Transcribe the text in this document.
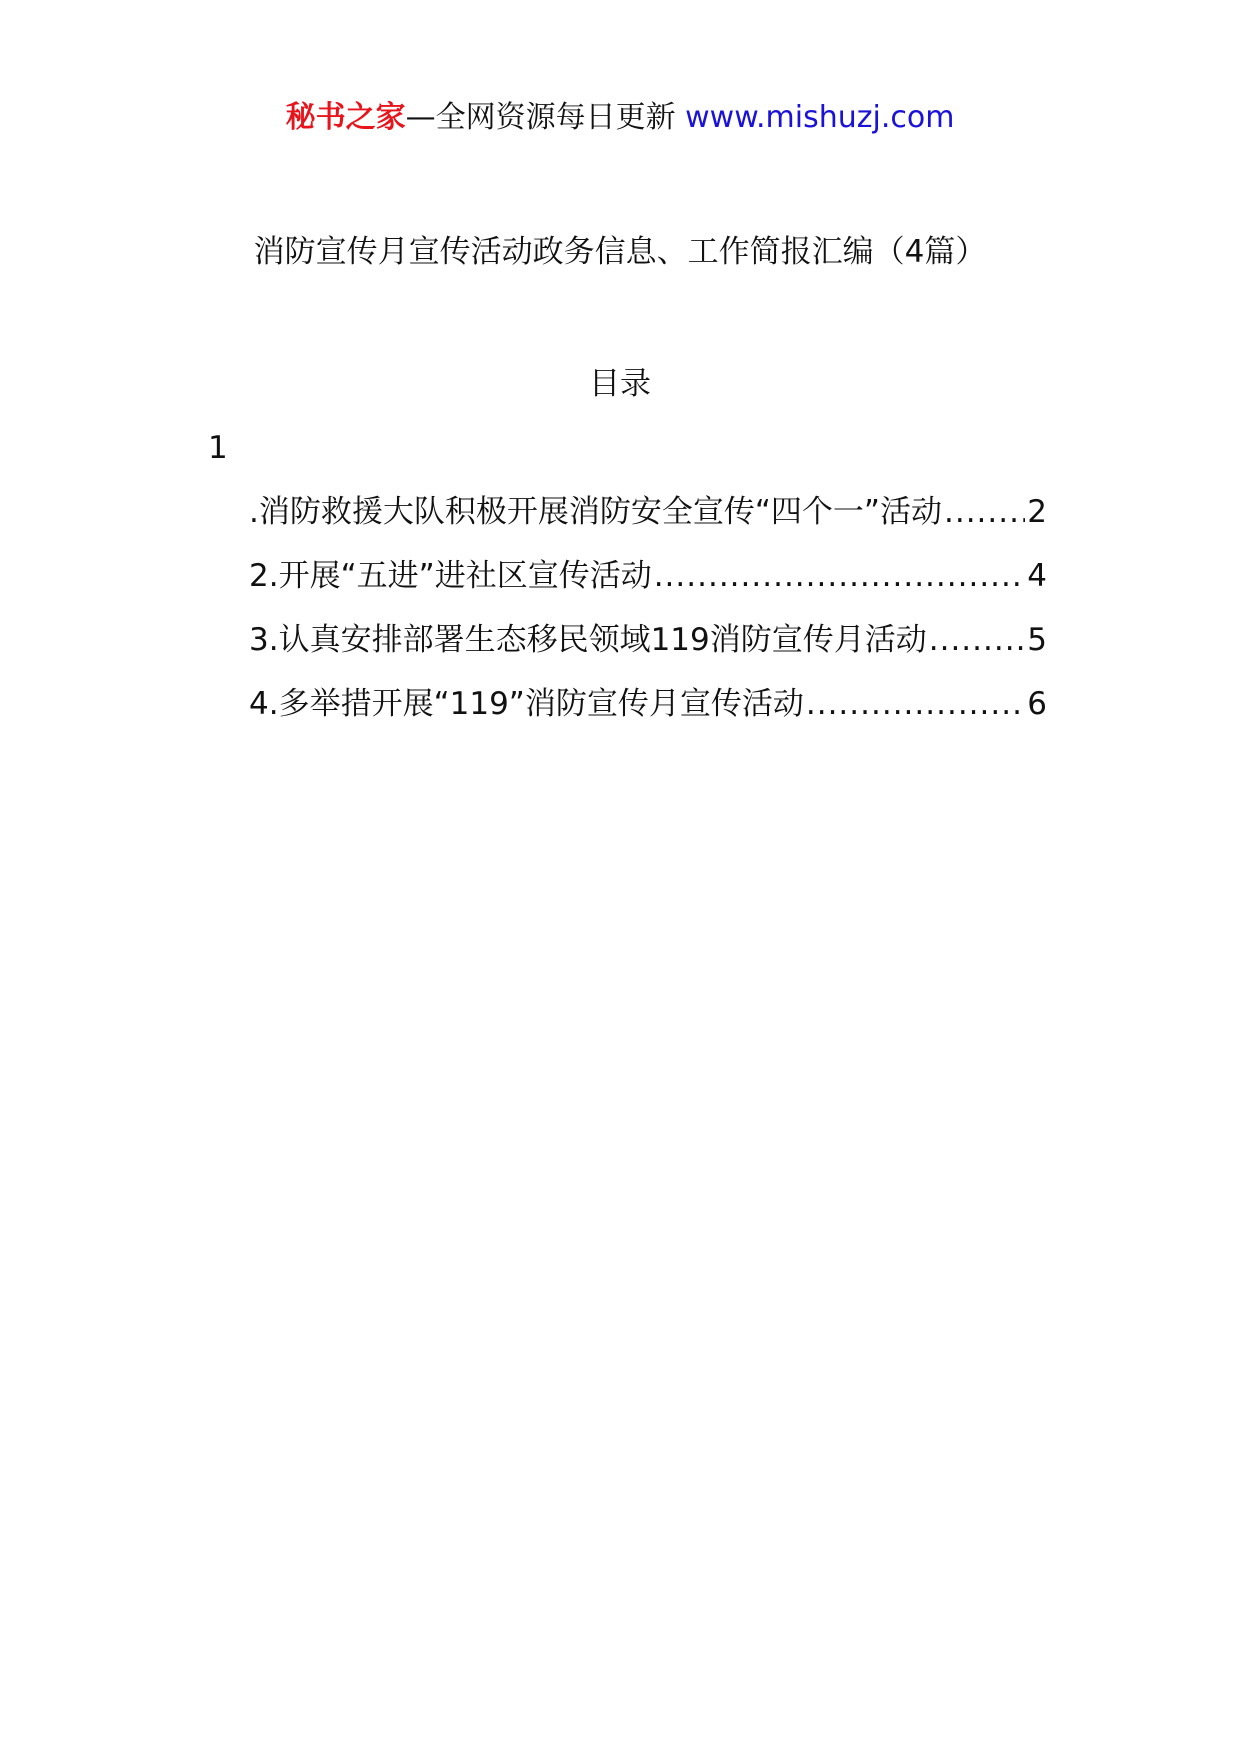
秘书之家—全网资源每日更新 www.mishuzj.com
消防宣传月宣传活动政务信息、工作简报汇编（4篇）
目录
1
.消防救援大队积极开展消防安全宣传“四个一”活动 .....	2
2.开展“五进”进社区宣传活动 .....	4
3.认真安排部署生态移民领域119消防宣传月活动 .....	5
4.多举措开展“119”消防宣传月宣传活动 .....	6
